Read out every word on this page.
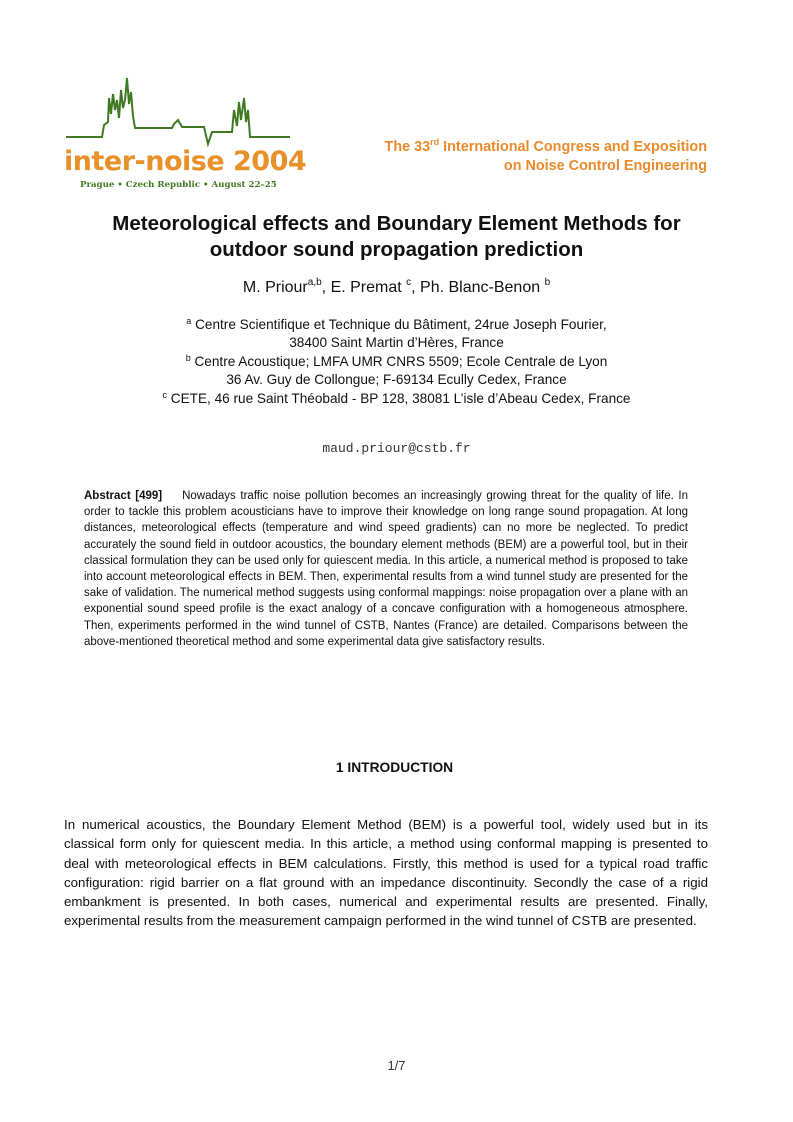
inter-noise 2004
Prague • Czech Republic • August 22–25
The 33rd International Congress and Exposition
on Noise Control Engineering
Meteorological effects and Boundary Element Methods for
outdoor sound propagation prediction
M. Priour$^{a,b}$, E. Premat $^c$, Ph. Blanc-Benon $^b$
$^a$ Centre Scientifique et Technique du Bâtiment, 24rue Joseph Fourier,
38400 Saint Martin d’Hères, France
$^b$ Centre Acoustique; LMFA UMR CNRS 5509; Ecole Centrale de Lyon
36 Av. Guy de Collongue; F-69134 Ecully Cedex, France
$^c$ CETE, 46 rue Saint Théobald - BP 128, 38081 L’isle d’Abeau Cedex, France
maud.priour@cstb.fr
Abstract [499] Nowadays traffic noise pollution becomes an increasingly growing threat for the quality of life. In order to tackle this problem acousticians have to improve their knowledge on long range sound propagation. At long distances, meteorological effects (temperature and wind speed gradients) can no more be neglected. To predict accurately the sound field in outdoor acoustics, the boundary element methods (BEM) are a powerful tool, but in their classical formulation they can be used only for quiescent media. In this article, a numerical method is proposed to take into account meteorological effects in BEM. Then, experimental results from a wind tunnel study are presented for the sake of validation. The numerical method suggests using conformal mappings: noise propagation over a plane with an exponential sound speed profile is the exact analogy of a concave configuration with a homogeneous atmosphere. Then, experiments performed in the wind tunnel of CSTB, Nantes (France) are detailed. Comparisons between the above-mentioned theoretical method and some experimental data give satisfactory results.
1 INTRODUCTION
In numerical acoustics, the Boundary Element Method (BEM) is a powerful tool, widely used but in its classical form only for quiescent media. In this article, a method using conformal mapping is presented to deal with meteorological effects in BEM calculations. Firstly, this method is used for a typical road traffic configuration: rigid barrier on a flat ground with an impedance discontinuity. Secondly the case of a rigid embankment is presented. In both cases, numerical and experimental results are presented. Finally, experimental results from the measurement campaign performed in the wind tunnel of CSTB are presented.
1/7
